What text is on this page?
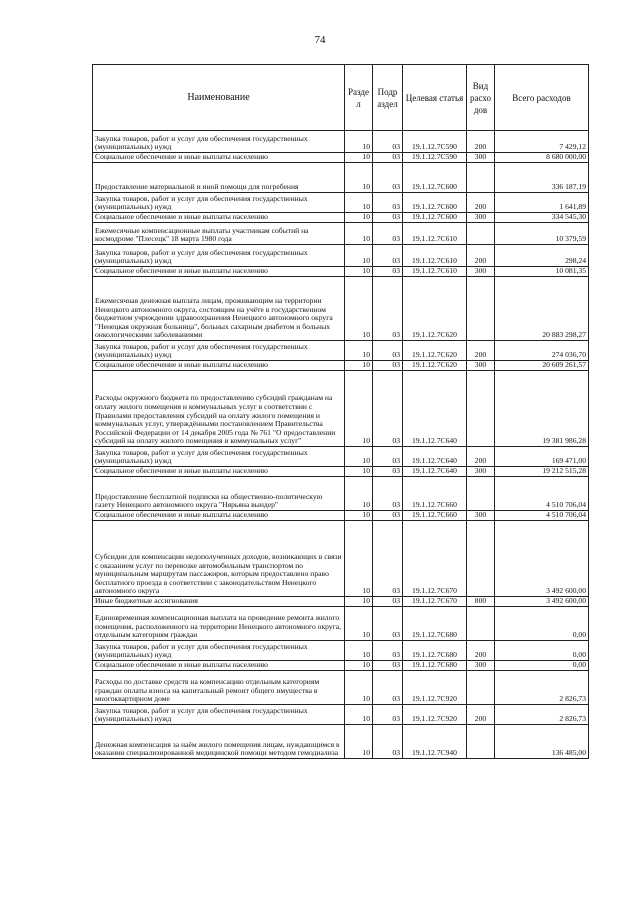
74
Наименование	Разде л	Подр аздел	Целевая статья	Вид расхо дов	Всего расходов
Закупка товаров, работ и услуг для обеспечения государственных (муниципальных) нужд	10	03	19.1.12.7С590	200	7 429,12
Социальное обеспечение и иные выплаты населению	10	03	19.1.12.7С590	300	8 680 000,00
Предоставление материальной и иной помощи для погребения	10	03	19.1.12.7С600		336 187,19
Закупка товаров, работ и услуг для обеспечения государственных (муниципальных) нужд	10	03	19.1.12.7С600	200	1 641,89
Социальное обеспечение и иные выплаты населению	10	03	19.1.12.7С600	300	334 545,30
Ежемесячные компенсационные выплаты участникам событий на космодроме "Плесецк" 18 марта 1980 года	10	03	19.1.12.7С610		10 379,59
Закупка товаров, работ и услуг для обеспечения государственных (муниципальных) нужд	10	03	19.1.12.7С610	200	298,24
Социальное обеспечение и иные выплаты населению	10	03	19.1.12.7С610	300	10 081,35
Ежемесячная денежная выплата лицам, проживающим на территории Ненецкого автономного округа, состоящим на учёте в государственном бюджетном учреждении здравоохранения Ненецкого автономного округа "Ненецкая окружная больница", больных сахарным диабетом и больных онкологическими заболеваниями	10	03	19.1.12.7С620		20 883 298,27
Закупка товаров, работ и услуг для обеспечения государственных (муниципальных) нужд	10	03	19.1.12.7С620	200	274 036,70
Социальное обеспечение и иные выплаты населению	10	03	19.1.12.7С620	300	20 609 261,57
Расходы окружного бюджета по предоставлению субсидий гражданам на оплату жилого помещения и коммунальных услуг в соответствии с Правилами предоставления субсидий на оплату жилого помещения и коммунальных услуг, утверждёнными постановлением Правительства Российской Федерации от 14 декабря 2005 года № 761 "О предоставлении субсидий на оплату жилого помещения и коммунальных услуг"	10	03	19.1.12.7С640		19 381 986,28
Закупка товаров, работ и услуг для обеспечения государственных (муниципальных) нужд	10	03	19.1.12.7С640	200	169 471,00
Социальное обеспечение и иные выплаты населению	10	03	19.1.12.7С640	300	19 212 515,28
Предоставление бесплатной подписки на общественно-политическую газету Ненецкого автономного округа "Нярьяна вындер"	10	03	19.1.12.7С660		4 510 706,04
Социальное обеспечение и иные выплаты населению	10	03	19.1.12.7С660	300	4 510 706,04
Субсидии для компенсации недополученных доходов, возникающих в связи с оказанием услуг по перевозке автомобильным транспортом по муниципальным маршрутам пассажиров, которым предоставлено право бесплатного проезда в соответствии с законодательством Ненецкого автономного округа	10	03	19.1.12.7С670		3 492 600,00
Иные бюджетные ассигнования	10	03	19.1.12.7С670	800	3 492 600,00
Единовременная компенсационная выплата на проведение ремонта жилого помещения, расположенного на территории Ненецкого автономного округа, отдельным категориям граждан	10	03	19.1.12.7С680		0,00
Закупка товаров, работ и услуг для обеспечения государственных (муниципальных) нужд	10	03	19.1.12.7С680	200	0,00
Социальное обеспечение и иные выплаты населению	10	03	19.1.12.7С680	300	0,00
Расходы по доставке средств на компенсацию отдельным категориям граждан оплаты взноса на капитальный ремонт общего имущества в многоквартирном доме	10	03	19.1.12.7С920		2 826,73
Закупка товаров, работ и услуг для обеспечения государственных (муниципальных) нужд	10	03	19.1.12.7С920	200	2 826,73
Денежная компенсация за наём жилого помещения лицам, нуждающимся в оказании специализированной медицинской помощи методом гемодиализа	10	03	19.1.12.7С940		136 485,00
